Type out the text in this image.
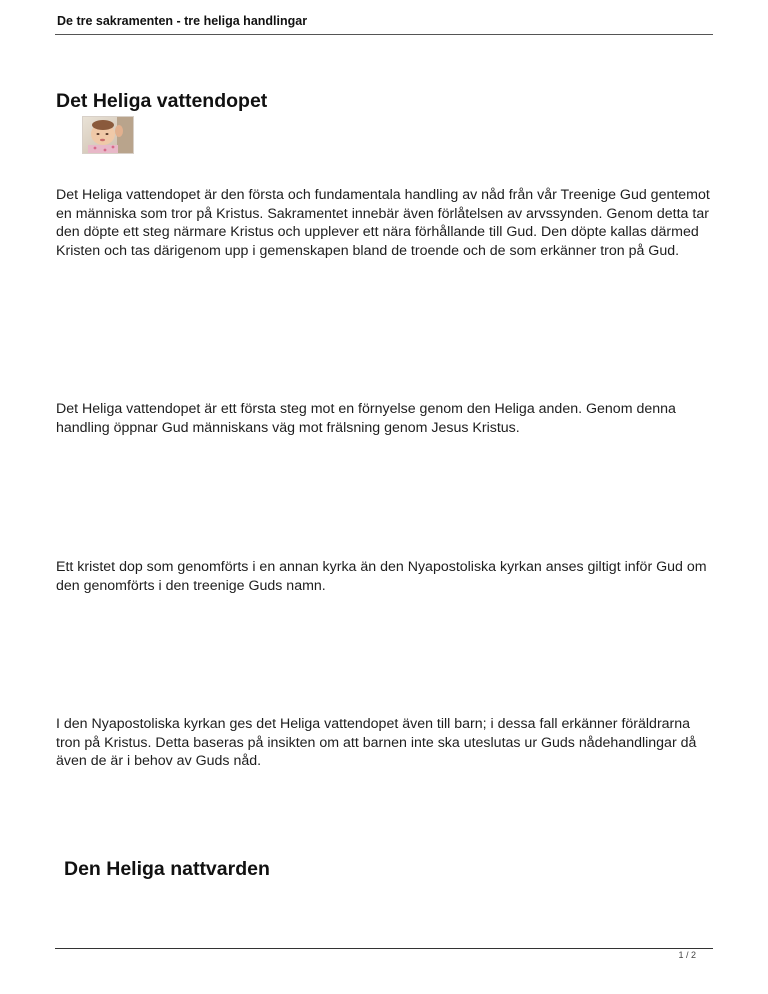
De tre sakramenten - tre heliga handlingar
Det Heliga vattendopet

Det Heliga vattendopet är den första och fundamentala handling av nåd från vår Treenige Gud gentemot en människa som tror på Kristus. Sakramentet innebär även förlåtelsen av arvssynden. Genom detta tar den döpte ett steg närmare Kristus och upplever ett nära förhållande till Gud. Den döpte kallas därmed Kristen och tas därigenom upp i gemenskapen bland de troende och de som erkänner tron på Gud.

Det Heliga vattendopet är ett första steg mot en förnyelse genom den Heliga anden. Genom denna handling öppnar Gud människans väg mot frälsning genom Jesus Kristus.

Ett kristet dop som genomförts i en annan kyrka än den Nyapostoliska kyrkan anses giltigt inför Gud om den genomförts i den treenige Guds namn.

I den Nyapostoliska kyrkan ges det Heliga vattendopet även till barn; i dessa fall erkänner föräldrarna tron på Kristus. Detta baseras på insikten om att barnen inte ska uteslutas ur Guds nådehandlingar då även de är i behov av Guds nåd.

Den Heliga nattvarden
1 / 2
